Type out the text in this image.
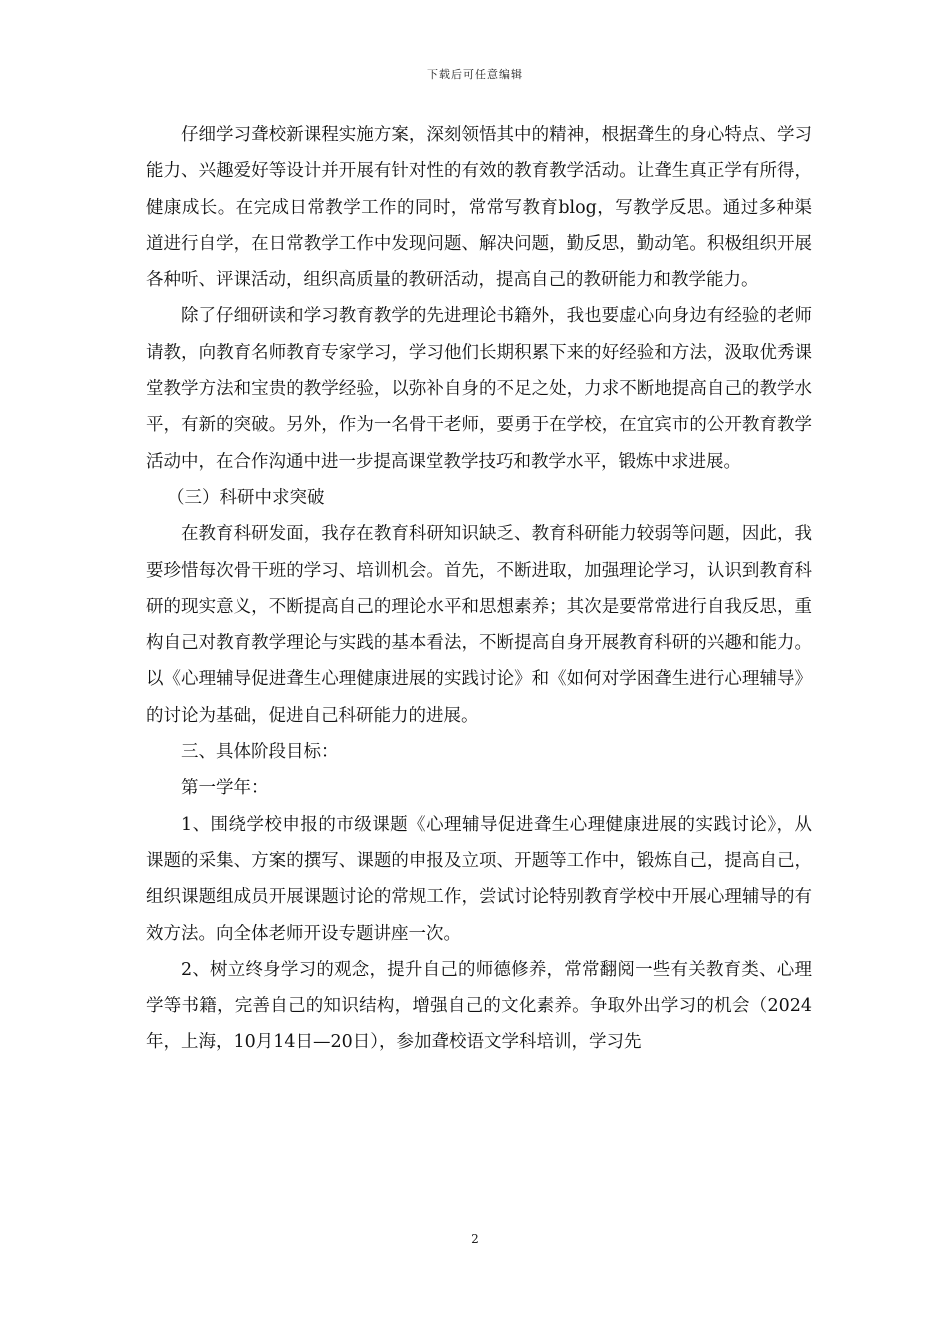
下载后可任意编辑

仔细学习聋校新课程实施方案，深刻领悟其中的精神，根据聋生的身心特点、学习能力、兴趣爱好等设计并开展有针对性的有效的教育教学活动。让聋生真正学有所得，健康成长。在完成日常教学工作的同时，常常写教育blog，写教学反思。通过多种渠道进行自学，在日常教学工作中发现问题、解决问题，勤反思，勤动笔。积极组织开展各种听、评课活动，组织高质量的教研活动，提高自己的教研能力和教学能力。

除了仔细研读和学习教育教学的先进理论书籍外，我也要虚心向身边有经验的老师请教，向教育名师教育专家学习，学习他们长期积累下来的好经验和方法，汲取优秀课堂教学方法和宝贵的教学经验，以弥补自身的不足之处，力求不断地提高自己的教学水平，有新的突破。另外，作为一名骨干老师，要勇于在学校，在宜宾市的公开教育教学活动中，在合作沟通中进一步提高课堂教学技巧和教学水平，锻炼中求进展。

（三）科研中求突破

在教育科研发面，我存在教育科研知识缺乏、教育科研能力较弱等问题，因此，我要珍惜每次骨干班的学习、培训机会。首先，不断进取，加强理论学习，认识到教育科研的现实意义，不断提高自己的理论水平和思想素养；其次是要常常进行自我反思，重构自己对教育教学理论与实践的基本看法，不断提高自身开展教育科研的兴趣和能力。以《心理辅导促进聋生心理健康进展的实践讨论》和《如何对学困聋生进行心理辅导》的讨论为基础，促进自己科研能力的进展。

三、具体阶段目标：

第一学年：

1、围绕学校申报的市级课题《心理辅导促进聋生心理健康进展的实践讨论》，从课题的采集、方案的撰写、课题的申报及立项、开题等工作中，锻炼自己，提高自己，组织课题组成员开展课题讨论的常规工作，尝试讨论特别教育学校中开展心理辅导的有效方法。向全体老师开设专题讲座一次。

2、树立终身学习的观念，提升自己的师德修养，常常翻阅一些有关教育类、心理学等书籍，完善自己的知识结构，增强自己的文化素养。争取外出学习的机会（2024年，上海，10月14日—20日），参加聋校语文学科培训，学习先

2
